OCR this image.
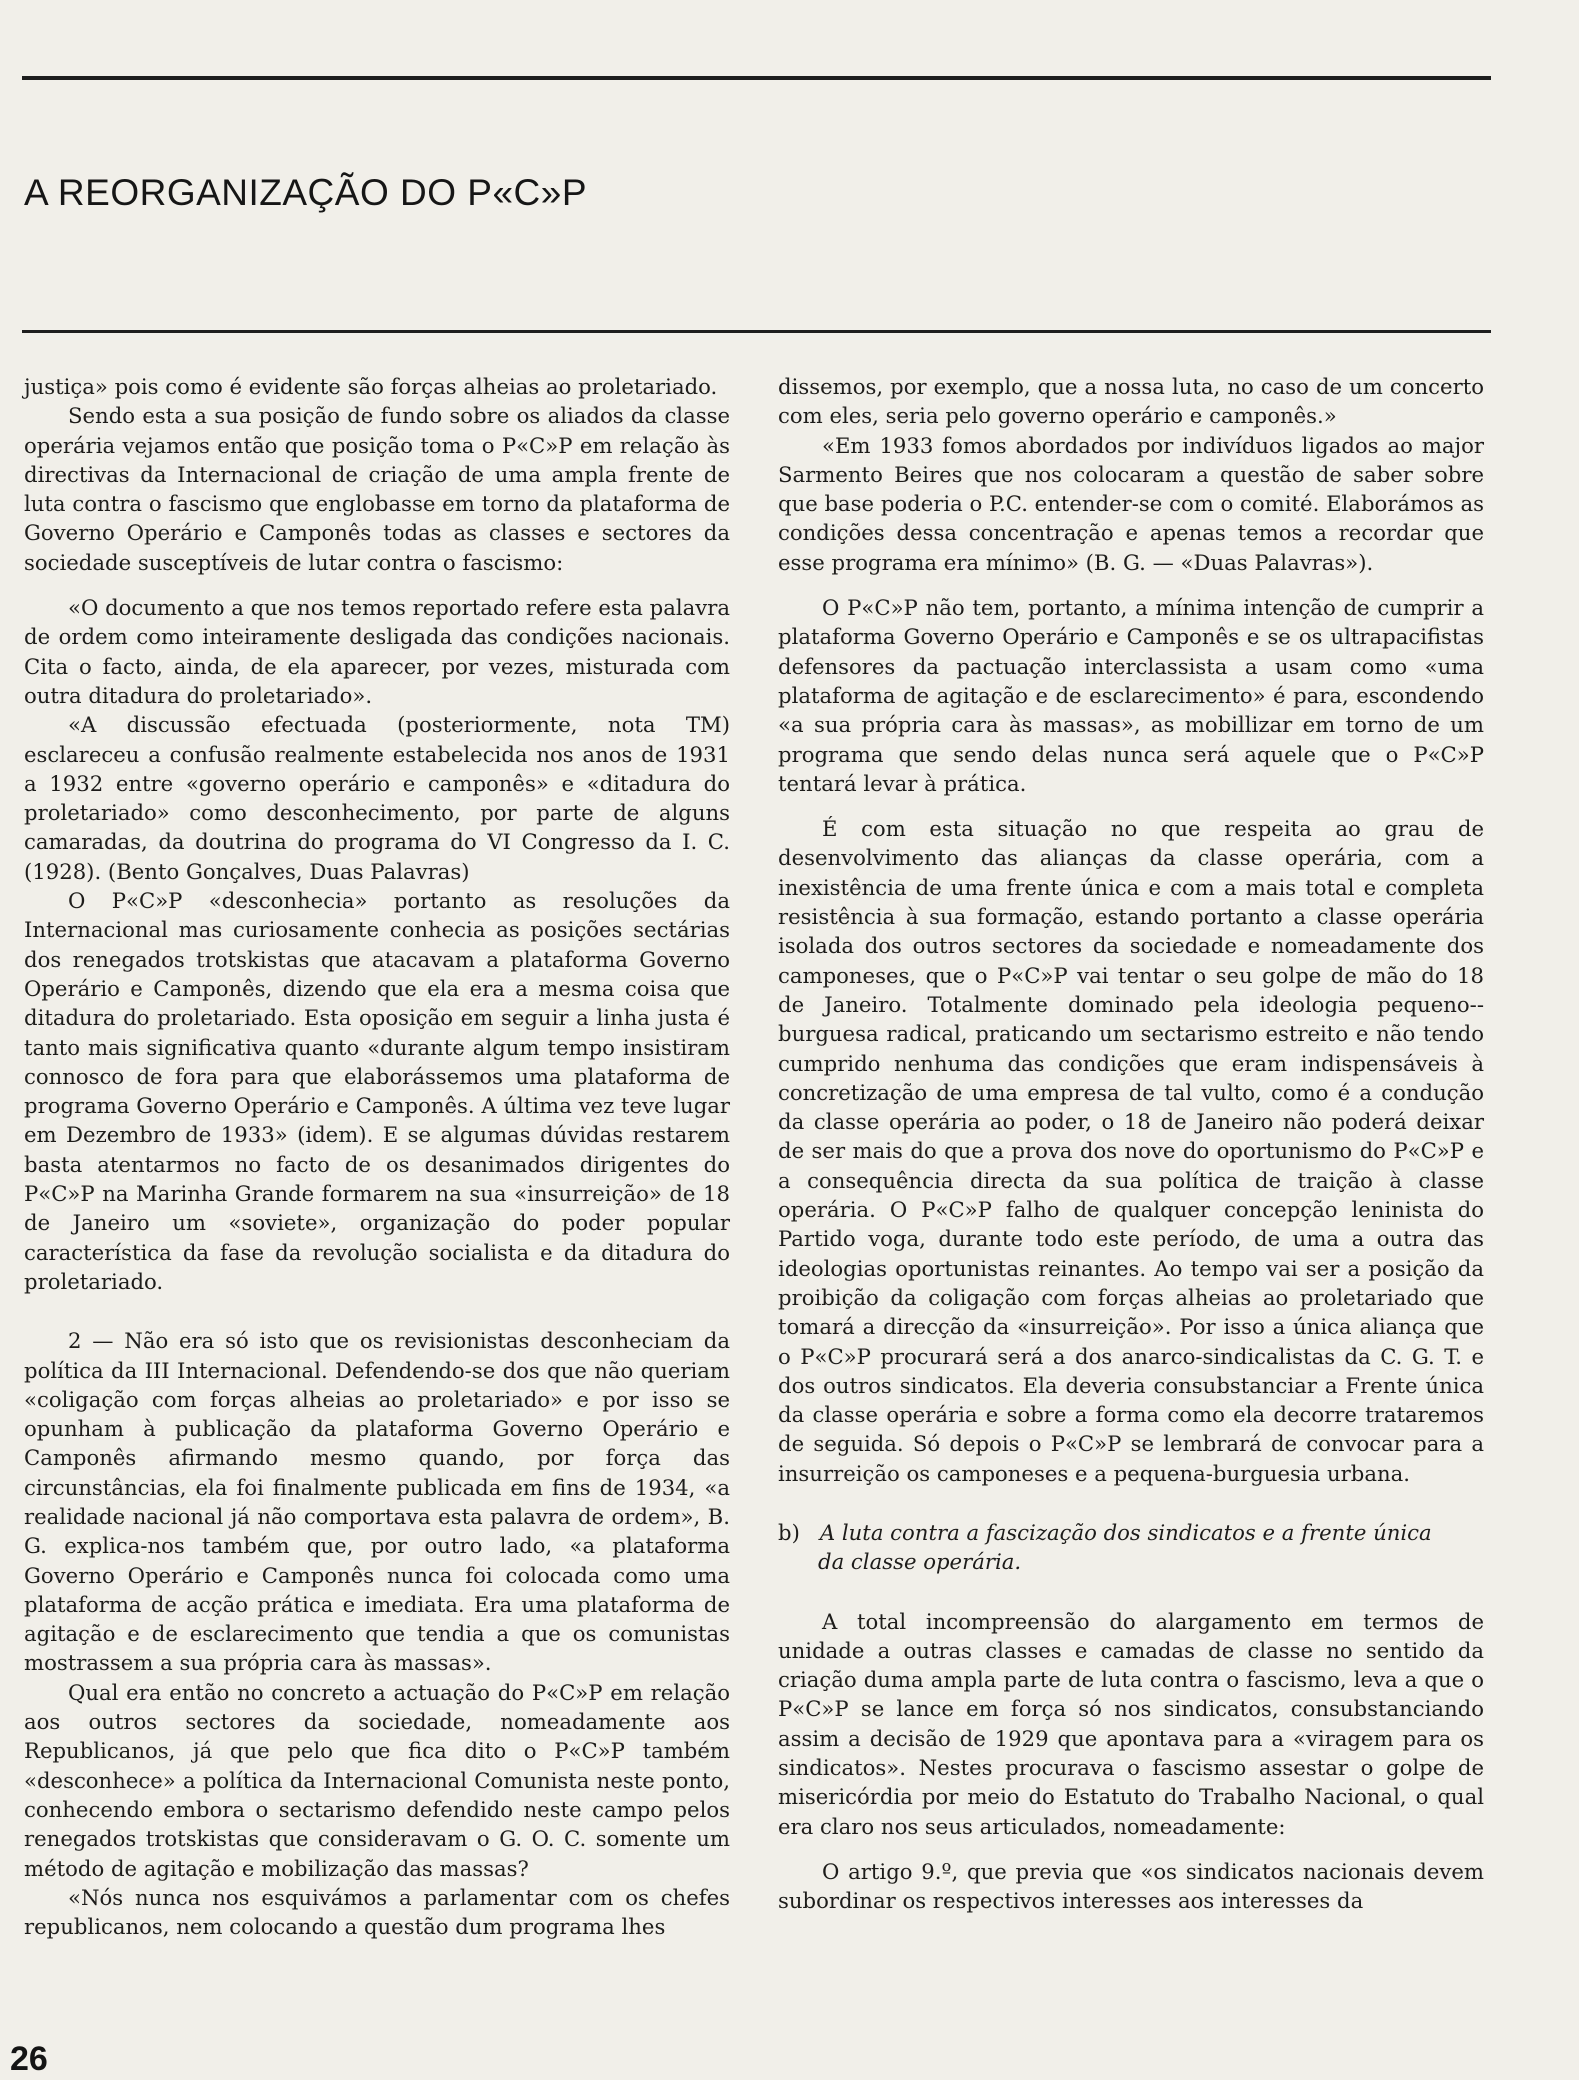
A REORGANIZAÇÃO DO P«C»P

justiça» pois como é evidente são forças alheias ao proletariado.

Sendo esta a sua posição de fundo sobre os aliados da classe operária vejamos então que posição toma o P«C»P em relação às directivas da Internacional de criação de uma ampla frente de luta contra o fascismo que englobasse em torno da plataforma de Governo Operário e Camponês todas as classes e sectores da sociedade susceptíveis de lutar contra o fascismo:

«O documento a que nos temos reportado refere esta palavra de ordem como inteiramente desligada das condições nacionais. Cita o facto, ainda, de ela aparecer, por vezes, misturada com outra ditadura do proletariado».

«A discussão efectuada (posteriormente, nota TM) esclareceu a confusão realmente estabelecida nos anos de 1931 a 1932 entre «governo operário e camponês» e «ditadura do proletariado» como desconhecimento, por parte de alguns camaradas, da doutrina do programa do VI Congresso da I. C. (1928). (Bento Gonçalves, Duas Palavras)

O P«C»P «desconhecia» portanto as resoluções da Internacional mas curiosamente conhecia as posições sectárias dos renegados trotskistas que atacavam a plataforma Governo Operário e Camponês, dizendo que ela era a mesma coisa que ditadura do proletariado. Esta oposição em seguir a linha justa é tanto mais significativa quanto «durante algum tempo insistiram connosco de fora para que elaborássemos uma plataforma de programa Governo Operário e Camponês. A última vez teve lugar em Dezembro de 1933» (idem). E se algumas dúvidas restarem basta atentarmos no facto de os desanimados dirigentes do P«C»P na Marinha Grande formarem na sua «insurreição» de 18 de Janeiro um «soviete», organização do poder popular característica da fase da revolução socialista e da ditadura do proletariado.

2 — Não era só isto que os revisionistas desconheciam da política da III Internacional. Defendendo-se dos que não queriam «coligação com forças alheias ao proletariado» e por isso se opunham à publicação da plataforma Governo Operário e Camponês afirmando mesmo quando, por força das circunstâncias, ela foi finalmente publicada em fins de 1934, «a realidade nacional já não comportava esta palavra de ordem», B. G. explica-nos também que, por outro lado, «a plataforma Governo Operário e Camponês nunca foi colocada como uma plataforma de acção prática e imediata. Era uma plataforma de agitação e de esclarecimento que tendia a que os comunistas mostrassem a sua própria cara às massas».

Qual era então no concreto a actuação do P«C»P em relação aos outros sectores da sociedade, nomeadamente aos Republicanos, já que pelo que fica dito o P«C»P também «desconhece» a política da Internacional Comunista neste ponto, conhecendo embora o sectarismo defendido neste campo pelos renegados trotskistas que consideravam o G. O. C. somente um método de agitação e mobilização das massas?

«Nós nunca nos esquivámos a parlamentar com os chefes republicanos, nem colocando a questão dum programa lhes

dissemos, por exemplo, que a nossa luta, no caso de um concerto com eles, seria pelo governo operário e camponês.»

«Em 1933 fomos abordados por indivíduos ligados ao major Sarmento Beires que nos colocaram a questão de saber sobre que base poderia o P.C. entender-se com o comité. Elaborámos as condições dessa concentração e apenas temos a recordar que esse programa era mínimo» (B. G. — «Duas Palavras»).

O P«C»P não tem, portanto, a mínima intenção de cumprir a plataforma Governo Operário e Camponês e se os ultrapacifistas defensores da pactuação interclassista a usam como «uma plataforma de agitação e de esclarecimento» é para, escondendo «a sua própria cara às massas», as mobillizar em torno de um programa que sendo delas nunca será aquele que o P«C»P tentará levar à prática.

É com esta situação no que respeita ao grau de desenvolvimento das alianças da classe operária, com a inexistência de uma frente única e com a mais total e completa resistência à sua formação, estando portanto a classe operária isolada dos outros sectores da sociedade e nomeadamente dos camponeses, que o P«C»P vai tentar o seu golpe de mão do 18 de Janeiro. Totalmente dominado pela ideologia pequeno--burguesa radical, praticando um sectarismo estreito e não tendo cumprido nenhuma das condições que eram indispensáveis à concretização de uma empresa de tal vulto, como é a condução da classe operária ao poder, o 18 de Janeiro não poderá deixar de ser mais do que a prova dos nove do oportunismo do P«C»P e a consequência directa da sua política de traição à classe operária. O P«C»P falho de qualquer concepção leninista do Partido voga, durante todo este período, de uma a outra das ideologias oportunistas reinantes. Ao tempo vai ser a posição da proibição da coligação com forças alheias ao proletariado que tomará a direcção da «insurreição». Por isso a única aliança que o P«C»P procurará será a dos anarco-sindicalistas da C. G. T. e dos outros sindicatos. Ela deveria consubstanciar a Frente única da classe operária e sobre a forma como ela decorre trataremos de seguida. Só depois o P«C»P se lembrará de convocar para a insurreição os camponeses e a pequena-burguesia urbana.

b) A luta contra a fascização dos sindicatos e a frente única
da classe operária.

A total incompreensão do alargamento em termos de unidade a outras classes e camadas de classe no sentido da criação duma ampla parte de luta contra o fascismo, leva a que o P«C»P se lance em força só nos sindicatos, consubstanciando assim a decisão de 1929 que apontava para a «viragem para os sindicatos». Nestes procurava o fascismo assestar o golpe de misericórdia por meio do Estatuto do Trabalho Nacional, o qual era claro nos seus articulados, nomeadamente:

O artigo 9.º, que previa que «os sindicatos nacionais devem subordinar os respectivos interesses aos interesses da

26
